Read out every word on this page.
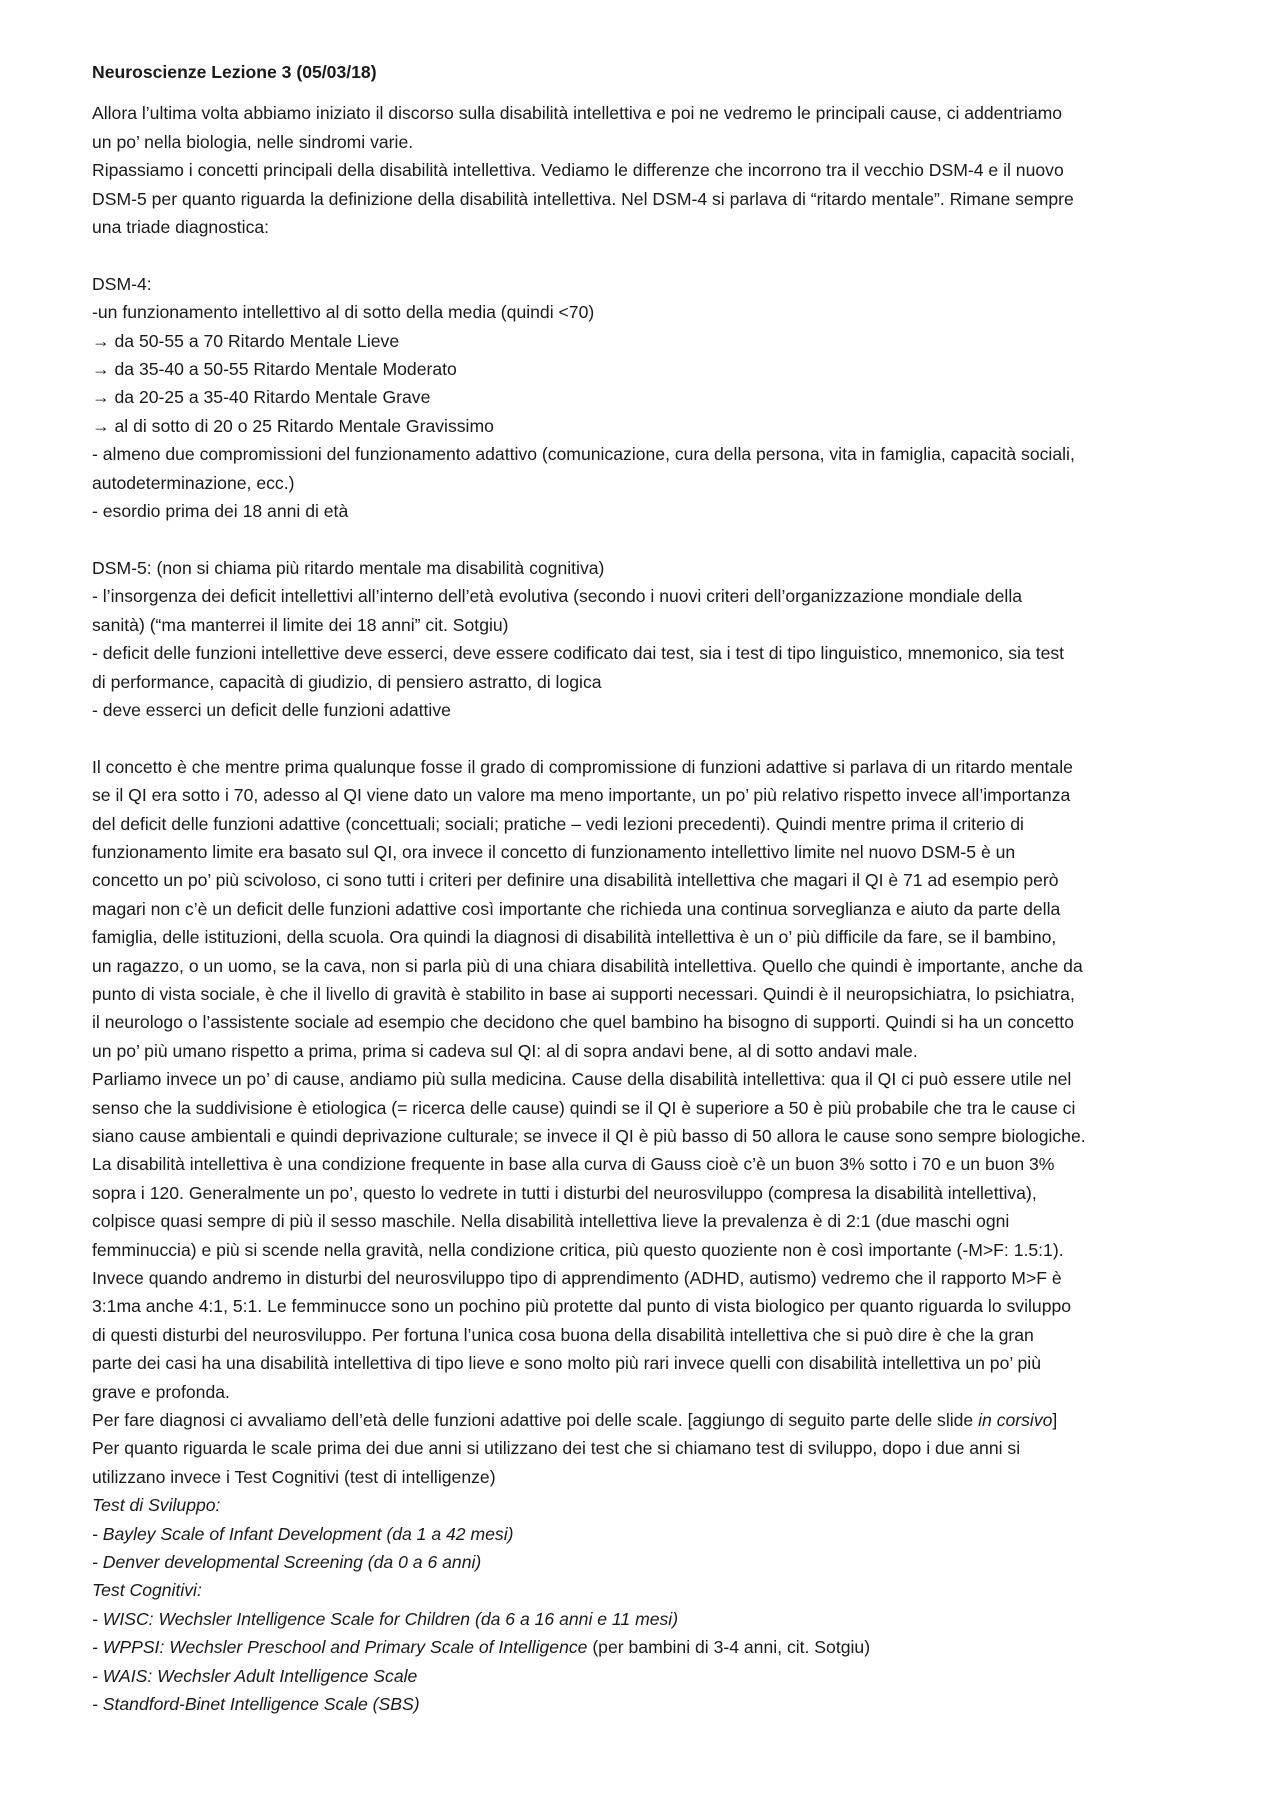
Neuroscienze Lezione 3 (05/03/18)

Allora l’ultima volta abbiamo iniziato il discorso sulla disabilità intellettiva e poi ne vedremo le principali cause, ci addentriamo

un po’ nella biologia, nelle sindromi varie.

Ripassiamo i concetti principali della disabilità intellettiva. Vediamo le differenze che incorrono tra il vecchio DSM-4 e il nuovo

DSM-5 per quanto riguarda la definizione della disabilità intellettiva. Nel DSM-4 si parlava di “ritardo mentale”. Rimane sempre

una triade diagnostica:

DSM-4:

-un funzionamento intellettivo al di sotto della media (quindi <70)

→ da 50-55 a 70 Ritardo Mentale Lieve

→ da 35-40 a 50-55 Ritardo Mentale Moderato

→ da 20-25 a 35-40 Ritardo Mentale Grave

→ al di sotto di 20 o 25 Ritardo Mentale Gravissimo

- almeno due compromissioni del funzionamento adattivo (comunicazione, cura della persona, vita in famiglia, capacità sociali,

autodeterminazione, ecc.)

- esordio prima dei 18 anni di età

DSM-5: (non si chiama più ritardo mentale ma disabilità cognitiva)

- l’insorgenza dei deficit intellettivi all’interno dell’età evolutiva (secondo i nuovi criteri dell’organizzazione mondiale della

sanità) (“ma manterrei il limite dei 18 anni” cit. Sotgiu)

- deficit delle funzioni intellettive deve esserci, deve essere codificato dai test, sia i test di tipo linguistico, mnemonico, sia test

di performance, capacità di giudizio, di pensiero astratto, di logica

- deve esserci un deficit delle funzioni adattive

Il concetto è che mentre prima qualunque fosse il grado di compromissione di funzioni adattive si parlava di un ritardo mentale

se il QI era sotto i 70, adesso al QI viene dato un valore ma meno importante, un po’ più relativo rispetto invece all’importanza

del deficit delle funzioni adattive (concettuali; sociali; pratiche – vedi lezioni precedenti). Quindi mentre prima il criterio di

funzionamento limite era basato sul QI, ora invece il concetto di funzionamento intellettivo limite nel nuovo DSM-5 è un

concetto un po’ più scivoloso, ci sono tutti i criteri per definire una disabilità intellettiva che magari il QI è 71 ad esempio però

magari non c’è un deficit delle funzioni adattive così importante che richieda una continua sorveglianza e aiuto da parte della

famiglia, delle istituzioni, della scuola. Ora quindi la diagnosi di disabilità intellettiva è un o’ più difficile da fare, se il bambino,

un ragazzo, o un uomo, se la cava, non si parla più di una chiara disabilità intellettiva. Quello che quindi è importante, anche da

punto di vista sociale, è che il livello di gravità è stabilito in base ai supporti necessari. Quindi è il neuropsichiatra, lo psichiatra,

il neurologo o l’assistente sociale ad esempio che decidono che quel bambino ha bisogno di supporti. Quindi si ha un concetto

un po’ più umano rispetto a prima, prima si cadeva sul QI: al di sopra andavi bene, al di sotto andavi male.

Parliamo invece un po’ di cause, andiamo più sulla medicina. Cause della disabilità intellettiva: qua il QI ci può essere utile nel

senso che la suddivisione è etiologica (= ricerca delle cause) quindi se il QI è superiore a 50 è più probabile che tra le cause ci

siano cause ambientali e quindi deprivazione culturale; se invece il QI è più basso di 50 allora le cause sono sempre biologiche.

La disabilità intellettiva è una condizione frequente in base alla curva di Gauss cioè c’è un buon 3% sotto i 70 e un buon 3%

sopra i 120. Generalmente un po’, questo lo vedrete in tutti i disturbi del neurosviluppo (compresa la disabilità intellettiva),

colpisce quasi sempre di più il sesso maschile. Nella disabilità intellettiva lieve la prevalenza è di 2:1 (due maschi ogni

femminuccia) e più si scende nella gravità, nella condizione critica, più questo quoziente non è così importante (-M>F: 1.5:1).

Invece quando andremo in disturbi del neurosviluppo tipo di apprendimento (ADHD, autismo) vedremo che il rapporto M>F è

3:1ma anche 4:1, 5:1. Le femminucce sono un pochino più protette dal punto di vista biologico per quanto riguarda lo sviluppo

di questi disturbi del neurosviluppo. Per fortuna l’unica cosa buona della disabilità intellettiva che si può dire è che la gran

parte dei casi ha una disabilità intellettiva di tipo lieve e sono molto più rari invece quelli con disabilità intellettiva un po’ più

grave e profonda.

Per fare diagnosi ci avvaliamo dell’età delle funzioni adattive poi delle scale. [aggiungo di seguito parte delle slide in corsivo]

Per quanto riguarda le scale prima dei due anni si utilizzano dei test che si chiamano test di sviluppo, dopo i due anni si

utilizzano invece i Test Cognitivi (test di intelligenze)

Test di Sviluppo:

- Bayley Scale of Infant Development (da 1 a 42 mesi)

- Denver developmental Screening (da 0 a 6 anni)

Test Cognitivi:

- WISC: Wechsler Intelligence Scale for Children (da 6 a 16 anni e 11 mesi)

- WPPSI: Wechsler Preschool and Primary Scale of Intelligence (per bambini di 3-4 anni, cit. Sotgiu)

- WAIS: Wechsler Adult Intelligence Scale

- Standford-Binet Intelligence Scale (SBS)
